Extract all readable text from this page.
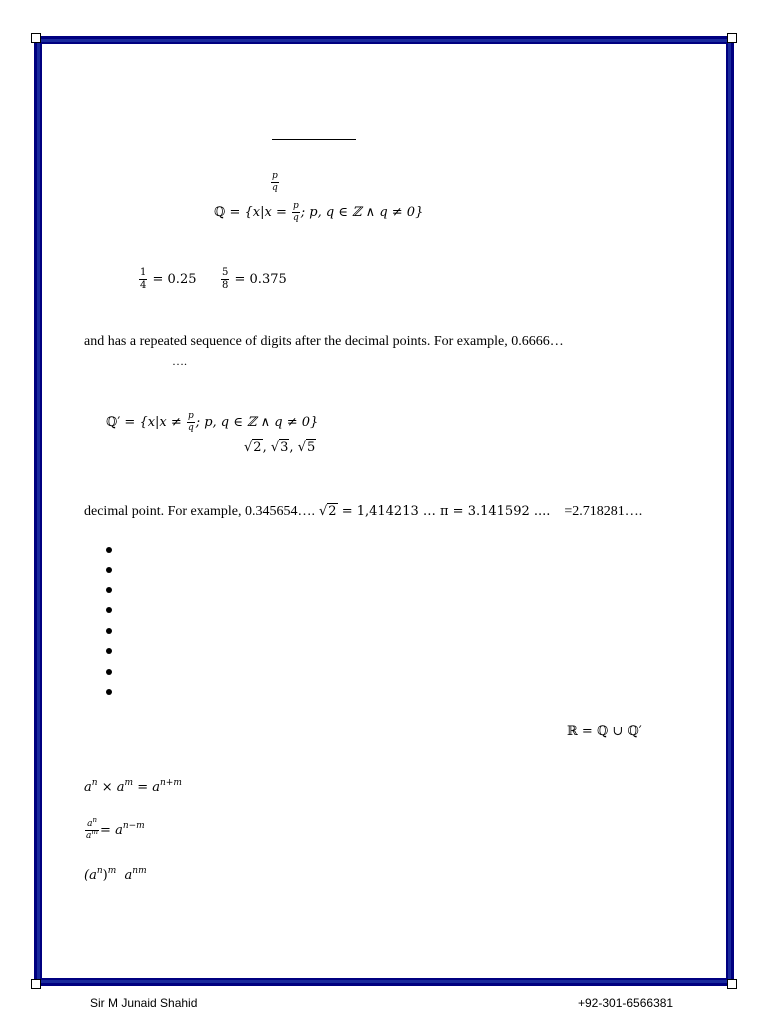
$\frac{p}{q}$
ℚ = {$x|x = \frac{p}{q}$ ; p, q ∈ ℤ ∧ q ≠ 0}
$\frac{1}{4} = 0.25 \frac{5}{8} = 0.375$
and has a repeated sequence of digits after the decimal points. For example, 0.6666…
….
ℚ′ = {$x|x \ne \frac{p}{q}$ ; p, q ∈ ℤ ∧ q ≠ 0}
√2, √3, √5
decimal point. For example, 0.345654…. √2 = 1,414213 … π = 3.141592 .... =2.718281….
ℝ = ℚ ∪ ℚ′
$a^n \times a^m = a^{n+m}$
$\frac{a^n}{a^m} = a^{n-m}$
$(a^n)^m$ $a^{nm}$
Sir M Junaid Shahid	+92-301-6566381
